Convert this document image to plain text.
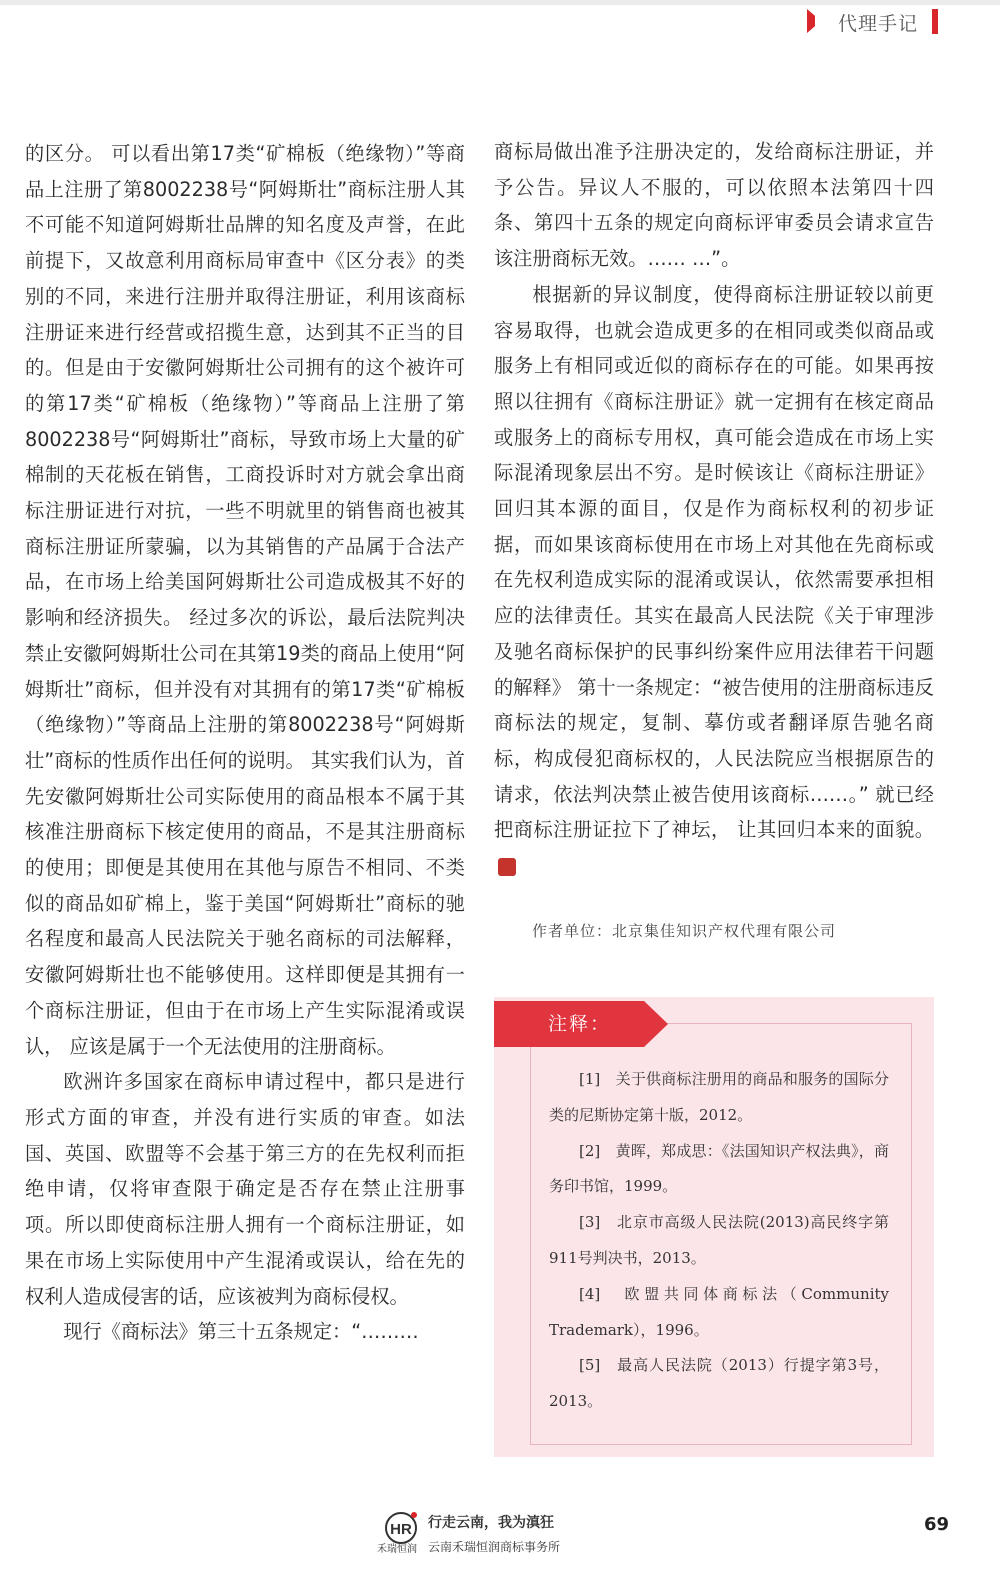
代理手记

的区分。 可以看出第17类“矿棉板（绝缘物）”等商品上注册了第8002238号“阿姆斯壮”商标注册人其不可能不知道阿姆斯壮品牌的知名度及声誉，在此前提下，又故意利用商标局审查中《区分表》的类别的不同，来进行注册并取得注册证，利用该商标注册证来进行经营或招揽生意，达到其不正当的目的。但是由于安徽阿姆斯壮公司拥有的这个被许可的第17类“矿棉板（绝缘物）”等商品上注册了第8002238号“阿姆斯壮”商标，导致市场上大量的矿棉制的天花板在销售，工商投诉时对方就会拿出商标注册证进行对抗，一些不明就里的销售商也被其商标注册证所蒙骗，以为其销售的产品属于合法产品，在市场上给美国阿姆斯壮公司造成极其不好的影响和经济损失。 经过多次的诉讼，最后法院判决禁止安徽阿姆斯壮公司在其第19类的商品上使用“阿姆斯壮”商标，但并没有对其拥有的第17类“矿棉板（绝缘物）”等商品上注册的第8002238号“阿姆斯壮”商标的性质作出任何的说明。 其实我们认为，首先安徽阿姆斯壮公司实际使用的商品根本不属于其核准注册商标下核定使用的商品，不是其注册商标的使用；即便是其使用在其他与原告不相同、不类似的商品如矿棉上，鉴于美国“阿姆斯壮”商标的驰名程度和最高人民法院关于驰名商标的司法解释，安徽阿姆斯壮也不能够使用。这样即便是其拥有一个商标注册证，但由于在市场上产生实际混淆或误认， 应该是属于一个无法使用的注册商标。

欧洲许多国家在商标申请过程中，都只是进行形式方面的审查，并没有进行实质的审查。如法国、英国、欧盟等不会基于第三方的在先权利而拒绝申请，仅将审查限于确定是否存在禁止注册事项。所以即使商标注册人拥有一个商标注册证，如果在市场上实际使用中产生混淆或误认，给在先的权利人造成侵害的话，应该被判为商标侵权。

现行《商标法》第三十五条规定：“………

商标局做出准予注册决定的，发给商标注册证，并予公告。异议人不服的，可以依照本法第四十四条、第四十五条的规定向商标评审委员会请求宣告该注册商标无效。…… …”。

根据新的异议制度，使得商标注册证较以前更容易取得，也就会造成更多的在相同或类似商品或服务上有相同或近似的商标存在的可能。如果再按照以往拥有《商标注册证》就一定拥有在核定商品或服务上的商标专用权，真可能会造成在市场上实际混淆现象层出不穷。是时候该让《商标注册证》回归其本源的面目，仅是作为商标权利的初步证据，而如果该商标使用在市场上对其他在先商标或在先权利造成实际的混淆或误认，依然需要承担相应的法律责任。其实在最高人民法院《关于审理涉及驰名商标保护的民事纠纷案件应用法律若干问题的解释》 第十一条规定：“被告使用的注册商标违反商标法的规定，复制、摹仿或者翻译原告驰名商标，构成侵犯商标权的，人民法院应当根据原告的请求，依法判决禁止被告使用该商标……。” 就已经把商标注册证拉下了神坛， 让其回归本来的面貌。

作者单位：北京集佳知识产权代理有限公司
注释：

[1]　关于供商标注册用的商品和服务的国际分类的尼斯协定第十版，2012。

[2]　黄晖，郑成思：《法国知识产权法典》，商务印书馆，1999。

[3]　北京市高级人民法院(2013)高民终字第911号判决书，2013。

[4]　欧盟共同体商标法（Community Trademark），1996。

[5]　最高人民法院（2013）行提字第3号，2013。

HR 行走云南，我为滇狂
禾瑞恒润 云南禾瑞恒润商标事务所
69
